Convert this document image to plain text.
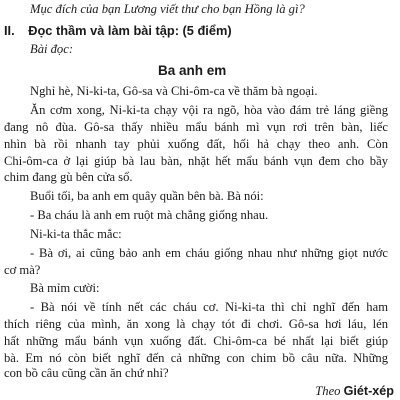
Mục đích của bạn Lương viết thư cho bạn Hồng là gì?
II. Đọc thầm và làm bài tập: (5 điểm)
Bài đọc:
Ba anh em
Nghỉ hè, Ni-ki-ta, Gô-sa và Chi-ôm-ca về thăm bà ngoại.
Ăn cơm xong, Ni-ki-ta chạy vội ra ngõ, hòa vào đám trẻ láng giềng
đang nô đùa. Gô-sa thấy nhiều mẩu bánh mì vụn rơi trên bàn, liếc
nhìn bà rồi nhanh tay phủi xuống đất, hối hả chạy theo anh. Còn
Chi-ôm-ca ở lại giúp bà lau bàn, nhặt hết mẩu bánh vụn đem cho bầy
chim đang gù bên cửa sổ.
Buổi tối, ba anh em quây quần bên bà. Bà nói:
- Ba cháu là anh em ruột mà chẳng giống nhau.
Ni-ki-ta thắc mắc:
- Bà ơi, ai cũng bảo anh em cháu giống nhau như những giọt nước
cơ mà?
Bà mỉm cười:
- Bà nói về tính nết các cháu cơ. Ni-ki-ta thì chỉ nghĩ đến ham
thích riêng của mình, ăn xong là chạy tót đi chơi. Gô-sa hơi láu, lén
hất những mẩu bánh vụn xuống đất. Chi-ôm-ca bé nhất lại biết giúp
bà. Em nó còn biết nghĩ đến cả những con chim bồ câu nữa. Những
con bồ câu cũng cần ăn chứ nhỉ?
Theo Giét-xép
